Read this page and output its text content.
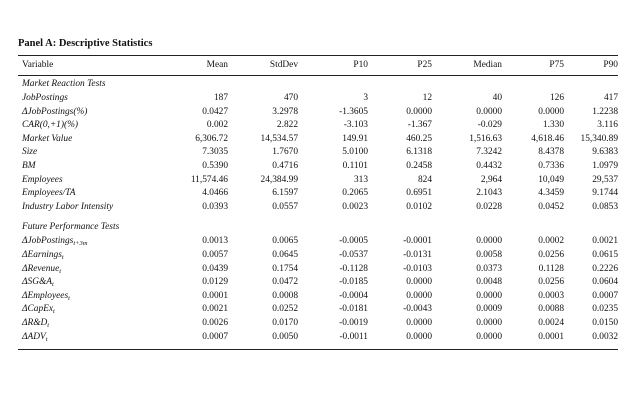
Panel A: Descriptive Statistics
Variable	Mean	StdDev	P10	P25	Median	P75	P90

Market Reaction Tests							
JobPostings	187	470	3	12	40	126	417
ΔJobPostings(%)	0.0427	3.2978	-1.3605	0.0000	0.0000	0.0000	1.2238
CAR(0,+1)(%)	0.002	2.822	-3.103	-1.367	-0.029	1.330	3.116
Market Value	6,306.72	14,534.57	149.91	460.25	1,516.63	4,618.46	15,340.89
Size	7.3035	1.7670	5.0100	6.1318	7.3242	8.4378	9.6383
BM	0.5390	0.4716	0.1101	0.2458	0.4432	0.7336	1.0979
Employees	11,574.46	24,384.99	313	824	2,964	10,049	29,537
Employees/TA	4.0466	6.1597	0.2065	0.6951	2.1043	4.3459	9.1744
Industry Labor Intensity	0.0393	0.0557	0.0023	0.0102	0.0228	0.0452	0.0853

Future Performance Tests							
ΔJobPostings$_{t+3m}$	0.0013	0.0065	-0.0005	-0.0001	0.0000	0.0002	0.0021
ΔEarnings$_t$	0.0057	0.0645	-0.0537	-0.0131	0.0058	0.0256	0.0615
ΔRevenue$_t$	0.0439	0.1754	-0.1128	-0.0103	0.0373	0.1128	0.2226
$\Delta SG\&A_t$	0.0129	0.0472	-0.0185	0.0000	0.0048	0.0256	0.0604
ΔEmployees$_t$	0.0001	0.0008	-0.0004	0.0000	0.0000	0.0003	0.0007
ΔCapEx$_t$	0.0021	0.0252	-0.0181	-0.0043	0.0009	0.0088	0.0235
$\Delta R\&D_t$	0.0026	0.0170	-0.0019	0.0000	0.0000	0.0024	0.0150
$\Delta ADV_t$	0.0007	0.0050	-0.0011	0.0000	0.0000	0.0001	0.0032
